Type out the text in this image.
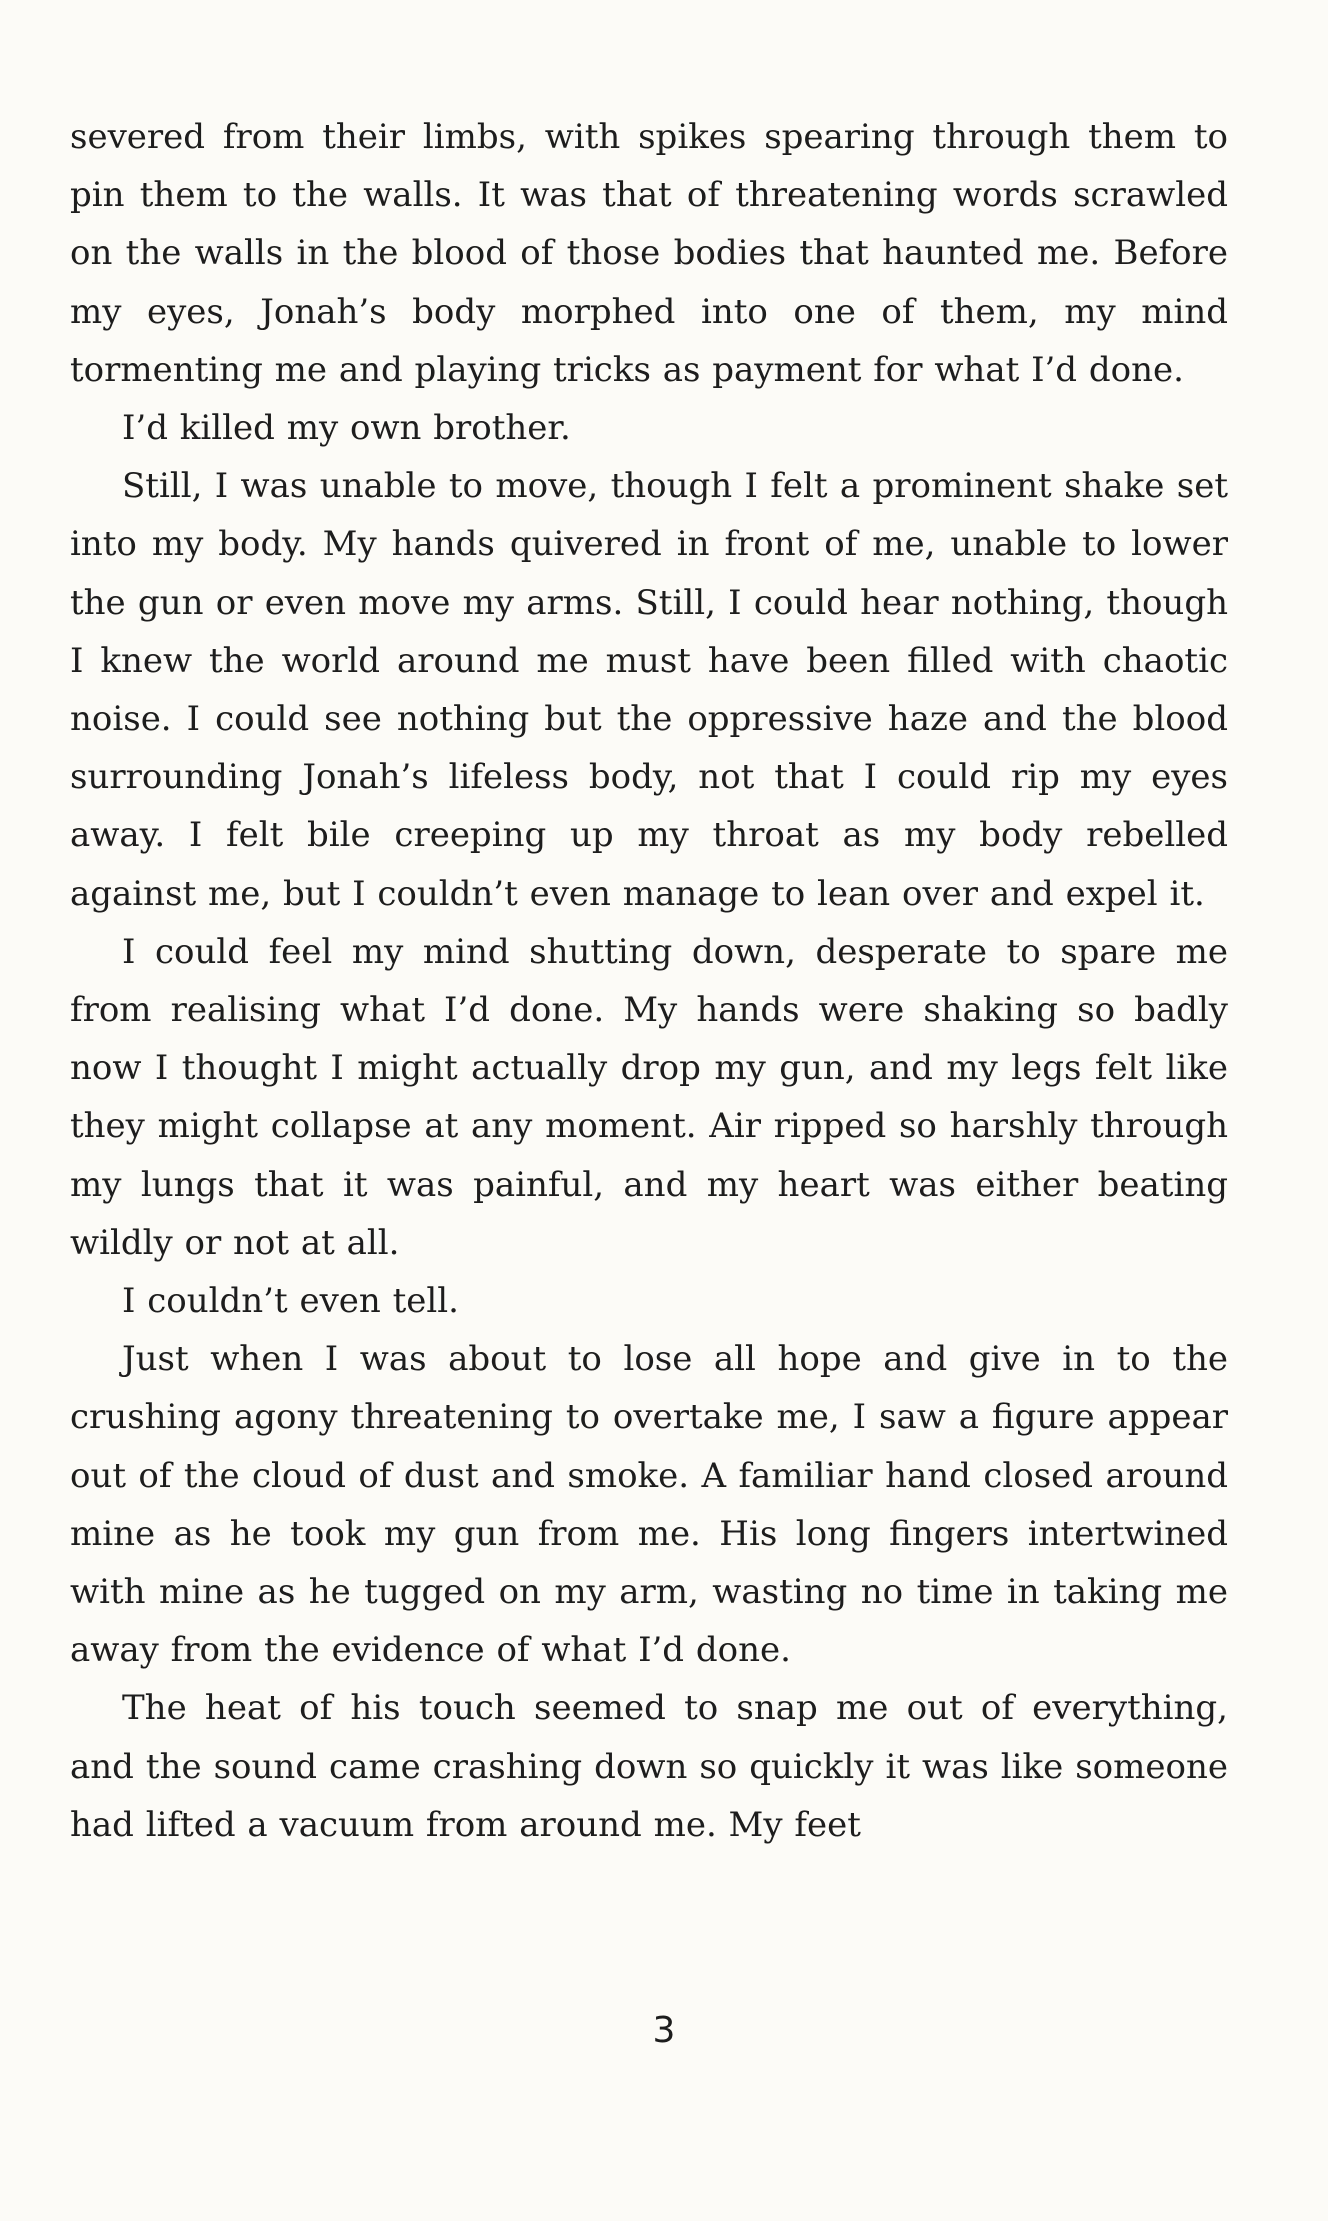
severed from their limbs, with spikes spearing through them to pin them to the walls. It was that of threatening words scrawled on the walls in the blood of those bodies that haunted me. Before my eyes, Jonah’s body morphed into one of them, my mind tormenting me and playing tricks as payment for what I’d done.

I’d killed my own brother.

Still, I was unable to move, though I felt a prominent shake set into my body. My hands quivered in front of me, unable to lower the gun or even move my arms. Still, I could hear nothing, though I knew the world around me must have been filled with chaotic noise. I could see nothing but the oppressive haze and the blood surrounding Jonah’s lifeless body, not that I could rip my eyes away. I felt bile creeping up my throat as my body rebelled against me, but I couldn’t even manage to lean over and expel it.

I could feel my mind shutting down, desperate to spare me from realising what I’d done. My hands were shaking so badly now I thought I might actually drop my gun, and my legs felt like they might collapse at any moment. Air ripped so harshly through my lungs that it was painful, and my heart was either beating wildly or not at all.

I couldn’t even tell.

Just when I was about to lose all hope and give in to the crushing agony threatening to overtake me, I saw a figure appear out of the cloud of dust and smoke. A familiar hand closed around mine as he took my gun from me. His long fingers intertwined with mine as he tugged on my arm, wasting no time in taking me away from the evidence of what I’d done.

The heat of his touch seemed to snap me out of everything, and the sound came crashing down so quickly it was like someone had lifted a vacuum from around me. My feet

3
